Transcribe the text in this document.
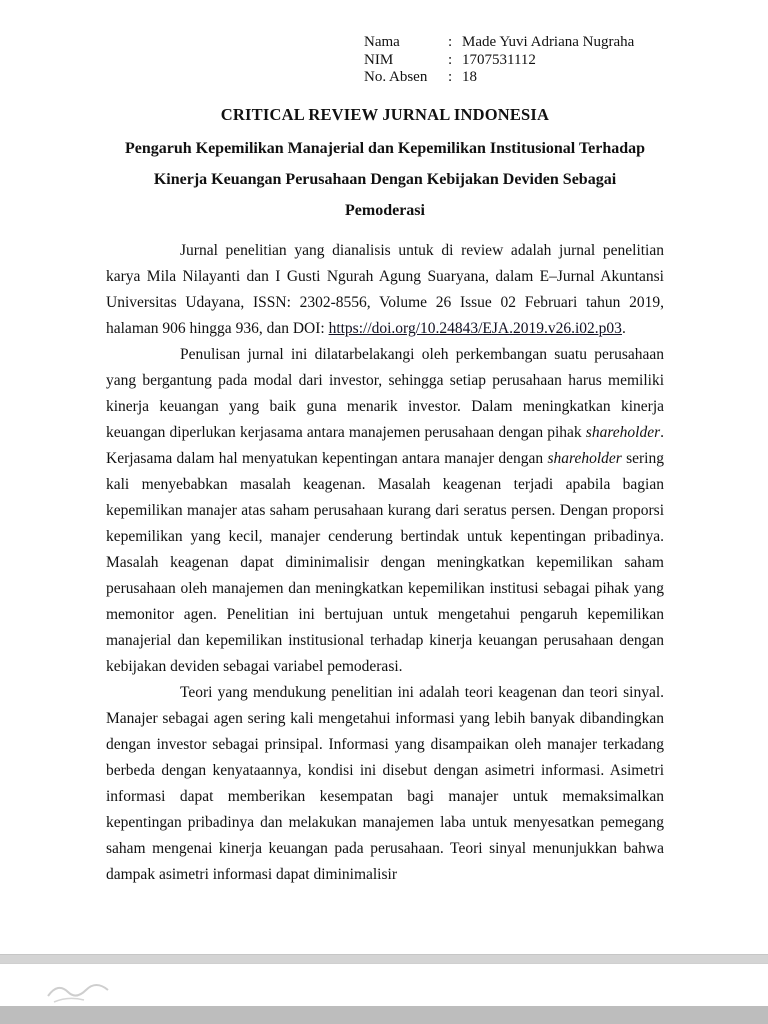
Nama	: Made Yuvi Adriana Nugraha
NIM	: 1707531112
No. Absen	: 18
CRITICAL REVIEW JURNAL INDONESIA
Pengaruh Kepemilikan Manajerial dan Kepemilikan Institusional Terhadap
Kinerja Keuangan Perusahaan Dengan Kebijakan Deviden Sebagai
Pemoderasi
Jurnal penelitian yang dianalisis untuk di review adalah jurnal penelitian karya Mila Nilayanti dan I Gusti Ngurah Agung Suaryana, dalam E–Jurnal Akuntansi Universitas Udayana, ISSN: 2302-8556, Volume 26 Issue 02 Februari tahun 2019, halaman 906 hingga 936, dan DOI: https://doi.org/10.24843/EJA.2019.v26.i02.p03.
Penulisan jurnal ini dilatarbelakangi oleh perkembangan suatu perusahaan yang bergantung pada modal dari investor, sehingga setiap perusahaan harus memiliki kinerja keuangan yang baik guna menarik investor. Dalam meningkatkan kinerja keuangan diperlukan kerjasama antara manajemen perusahaan dengan pihak shareholder. Kerjasama dalam hal menyatukan kepentingan antara manajer dengan shareholder sering kali menyebabkan masalah keagenan. Masalah keagenan terjadi apabila bagian kepemilikan manajer atas saham perusahaan kurang dari seratus persen. Dengan proporsi kepemilikan yang kecil, manajer cenderung bertindak untuk kepentingan pribadinya. Masalah keagenan dapat diminimalisir dengan meningkatkan kepemilikan saham perusahaan oleh manajemen dan meningkatkan kepemilikan institusi sebagai pihak yang memonitor agen. Penelitian ini bertujuan untuk mengetahui pengaruh kepemilikan manajerial dan kepemilikan institusional terhadap kinerja keuangan perusahaan dengan kebijakan deviden sebagai variabel pemoderasi.
Teori yang mendukung penelitian ini adalah teori keagenan dan teori sinyal. Manajer sebagai agen sering kali mengetahui informasi yang lebih banyak dibandingkan dengan investor sebagai prinsipal. Informasi yang disampaikan oleh manajer terkadang berbeda dengan kenyataannya, kondisi ini disebut dengan asimetri informasi. Asimetri informasi dapat memberikan kesempatan bagi manajer untuk memaksimalkan kepentingan pribadinya dan melakukan manajemen laba untuk menyesatkan pemegang saham mengenai kinerja keuangan pada perusahaan. Teori sinyal menunjukkan bahwa dampak asimetri informasi dapat diminimalisir
